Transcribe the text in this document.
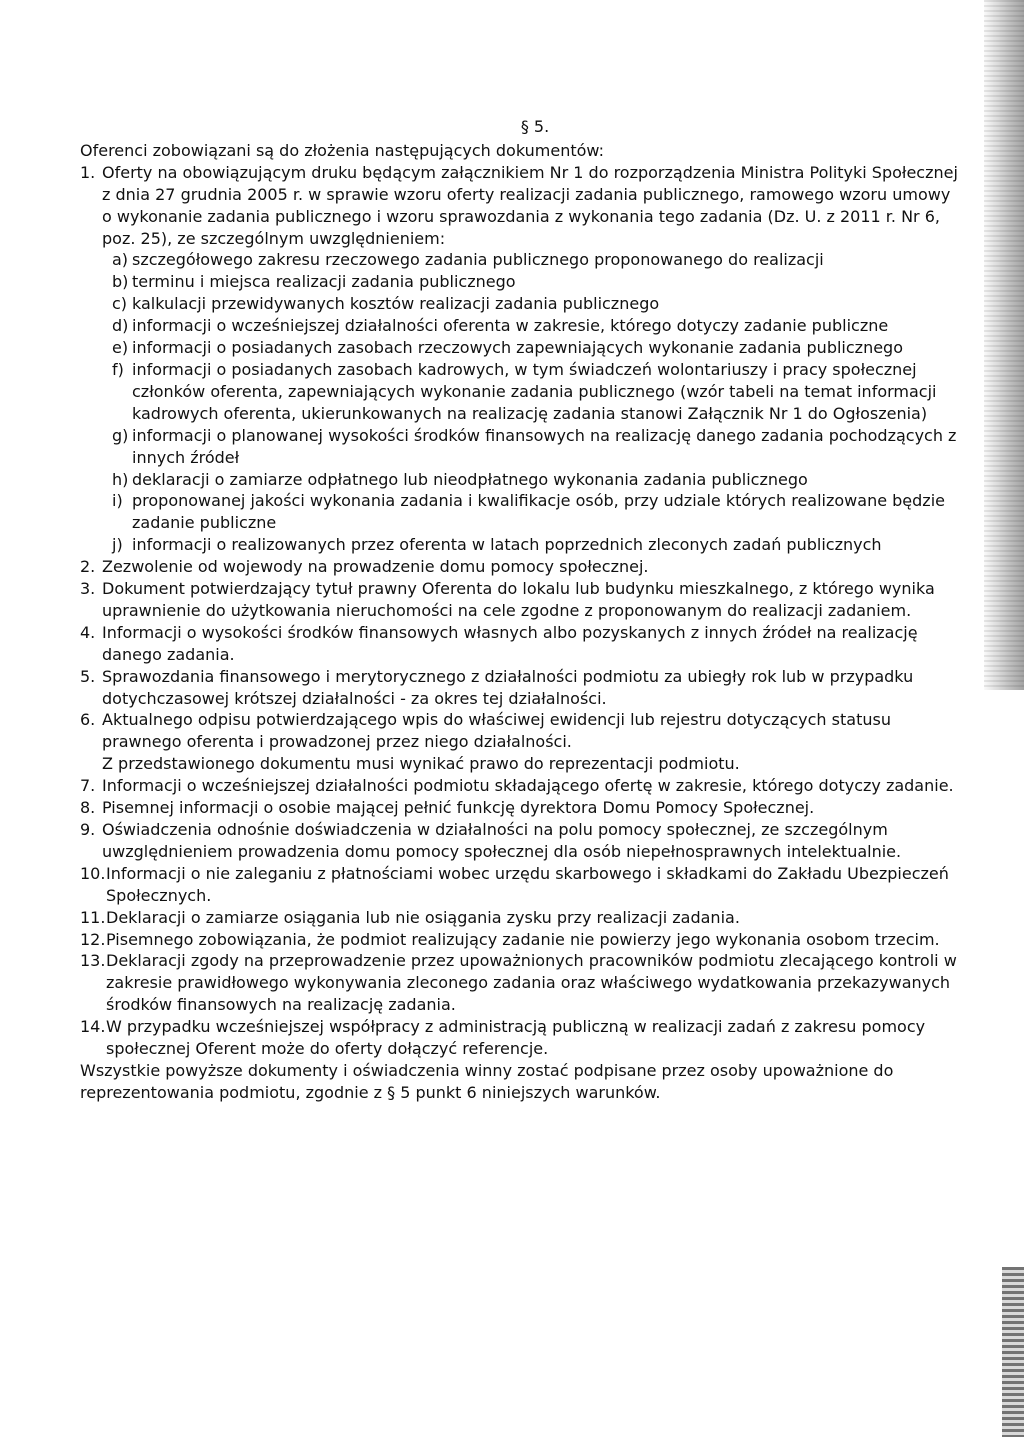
§ 5.

Oferenci zobowiązani są do złożenia następujących dokumentów:

1. Oferty na obowiązującym druku będącym załącznikiem Nr 1 do rozporządzenia Ministra Polityki Społecznej z dnia 27 grudnia 2005 r. w sprawie wzoru oferty realizacji zadania publicznego, ramowego wzoru umowy o wykonanie zadania publicznego i wzoru sprawozdania z wykonania tego zadania (Dz. U. z 2011 r. Nr 6, poz. 25), ze szczególnym uwzględnieniem:
a) szczegółowego zakresu rzeczowego zadania publicznego proponowanego do realizacji
b) terminu i miejsca realizacji zadania publicznego
c) kalkulacji przewidywanych kosztów realizacji zadania publicznego
d) informacji o wcześniejszej działalności oferenta w zakresie, którego dotyczy zadanie publiczne
e) informacji o posiadanych zasobach rzeczowych zapewniających wykonanie zadania publicznego
f) informacji o posiadanych zasobach kadrowych, w tym świadczeń wolontariuszy i pracy społecznej członków oferenta, zapewniających wykonanie zadania publicznego (wzór tabeli na temat informacji kadrowych oferenta, ukierunkowanych na realizację zadania stanowi Załącznik Nr 1 do Ogłoszenia)
g) informacji o planowanej wysokości środków finansowych na realizację danego zadania pochodzących z innych źródeł
h) deklaracji o zamiarze odpłatnego lub nieodpłatnego wykonania zadania publicznego
i) proponowanej jakości wykonania zadania i kwalifikacje osób, przy udziale których realizowane będzie zadanie publiczne
j) informacji o realizowanych przez oferenta w latach poprzednich zleconych zadań publicznych
2. Zezwolenie od wojewody na prowadzenie domu pomocy społecznej.
3. Dokument potwierdzający tytuł prawny Oferenta do lokalu lub budynku mieszkalnego, z którego wynika uprawnienie do użytkowania nieruchomości na cele zgodne z proponowanym do realizacji zadaniem.
4. Informacji o wysokości środków finansowych własnych albo pozyskanych z innych źródeł na realizację danego zadania.
5. Sprawozdania finansowego i merytorycznego z działalności podmiotu za ubiegły rok lub w przypadku dotychczasowej krótszej działalności - za okres tej działalności.
6. Aktualnego odpisu potwierdzającego wpis do właściwej ewidencji lub rejestru dotyczących statusu prawnego oferenta i prowadzonej przez niego działalności.

Z przedstawionego dokumentu musi wynikać prawo do reprezentacji podmiotu.

7. Informacji o wcześniejszej działalności podmiotu składającego ofertę w zakresie, którego dotyczy zadanie.
8. Pisemnej informacji o osobie mającej pełnić funkcję dyrektora Domu Pomocy Społecznej.
9. Oświadczenia odnośnie doświadczenia w działalności na polu pomocy społecznej, ze szczególnym uwzględnieniem prowadzenia domu pomocy społecznej dla osób niepełnosprawnych intelektualnie.
10. Informacji o nie zaleganiu z płatnościami wobec urzędu skarbowego i składkami do Zakładu Ubezpieczeń Społecznych.
11. Deklaracji o zamiarze osiągania lub nie osiągania zysku przy realizacji zadania.
12. Pisemnego zobowiązania, że podmiot realizujący zadanie nie powierzy jego wykonania osobom trzecim.
13. Deklaracji zgody na przeprowadzenie przez upoważnionych pracowników podmiotu zlecającego kontroli w zakresie prawidłowego wykonywania zleconego zadania oraz właściwego wydatkowania przekazywanych środków finansowych na realizację zadania.
14. W przypadku wcześniejszej współpracy z administracją publiczną w realizacji zadań z zakresu pomocy społecznej Oferent może do oferty dołączyć referencje.

Wszystkie powyższe dokumenty i oświadczenia winny zostać podpisane przez osoby upoważnione do reprezentowania podmiotu, zgodnie z § 5 punkt 6 niniejszych warunków.
